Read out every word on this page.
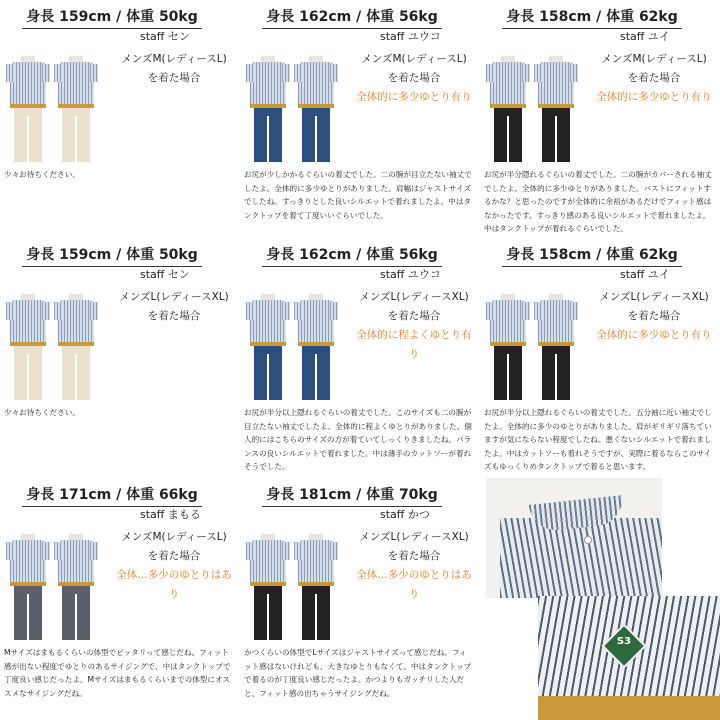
身長 159cm / 体重 50kg
staff セン
メンズM(レディースL)
を着た場合
少々お待ちください。
身長 162cm / 体重 56kg
staff ユウコ
メンズM(レディースL)
を着た場合
全体的に多少ゆとり有り
お尻が少しかかるぐらいの着丈でした。二の腕が目立たない袖丈でしたよ。全体的に多少ゆとりがありました。肩幅はジャストサイズでしたね。すっきりとした良いシルエットで着れましたよ。中はタンクトップを着て丁度いいぐらいでした。
身長 158cm / 体重 62kg
staff ユイ
メンズM(レディースL)
を着た場合
全体的に多少ゆとり有り
お尻が半分隠れるぐらいの着丈でした。二の腕がカバーされる袖丈でしたよ。全体的に多少ゆとりがありました。バストにフィットするかな？と思ったのですが全体的に余裕があるだけでフィット感はなかったです。すっきり感のある良いシルエットで着れましたよ。中はタンクトップが着れるぐらいでした。
身長 159cm / 体重 50kg
staff セン
メンズL(レディースXL)
を着た場合
少々お待ちください。
身長 162cm / 体重 56kg
staff ユウコ
メンズL(レディースXL)
を着た場合
全体的に程よくゆとり有り
お尻が半分以上隠れるぐらいの着丈でした。このサイズも二の腕が目立たない袖丈でしたよ。全体的に程よくゆとりがありました。個人的にはこちらのサイズの方が着ていてしっくりきましたね。バランスの良いシルエットで着れました。中は薄手のカットソーが着れそうでした。
身長 158cm / 体重 62kg
staff ユイ
メンズL(レディースXL)
を着た場合
全体的に多少ゆとり有り
お尻が半分以上隠れるぐらいの着丈でした。五分袖に近い袖丈でしたよ。全体的に多少のゆとりがありました。肩がギリギリ落ちていますが気にならない程度でしたね。悪くないシルエットで着れましたよ。中はカットソーも着れそうですが、実際に着るならこのサイズもゆっくりめタンクトップで着ると思います。
身長 171cm / 体重 66kg
staff まもる
メンズM(レディースL)
を着た場合
全体…多少のゆとりはあり
Mサイズはまもるくらいの体型でピッタリって感じだね。フィット感が出ない程度でゆとりのあるサイジングで、中はタンクトップで丁度良い感じだったよ。Mサイズはまもるくらいまでの体型にオススメなサイジングだね。
身長 181cm / 体重 70kg
staff かつ
メンズL(レディースXL)
を着た場合
全体…多少のゆとりはあり
かつくらいの体型でLサイズはジャストサイズって感じだね。フィット感はないけれども、大きなゆとりもなくて、中はタンクトップで着るのが丁度良い感じだったよ。かつよりもガッチリした人だと、フィット感の出ちゃうサイジングだね。
S3
